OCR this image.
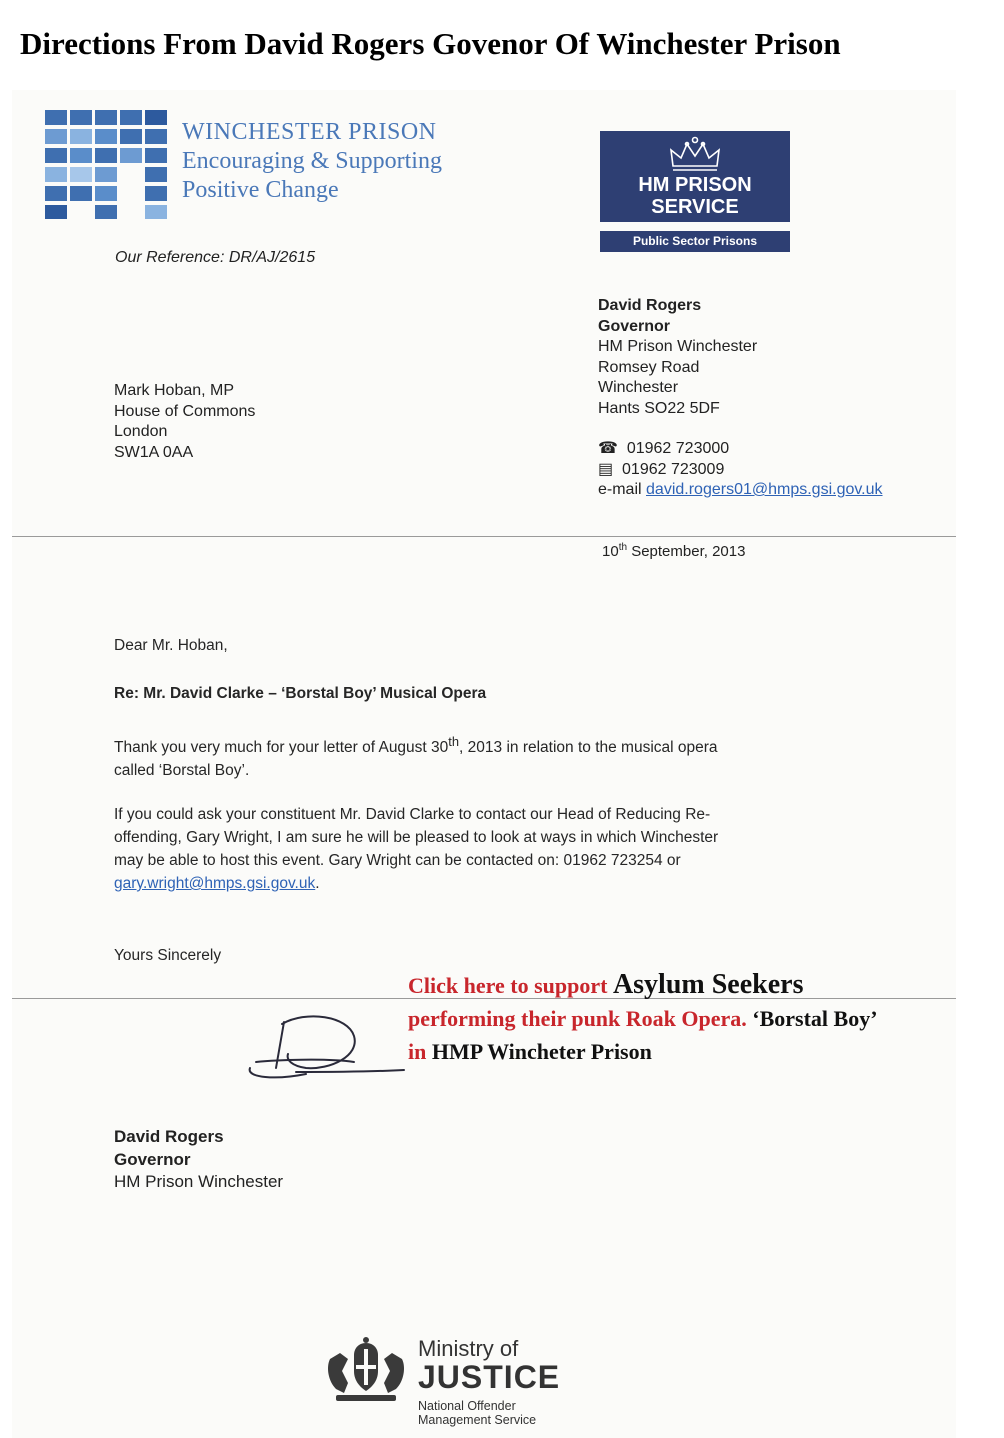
Directions From David Rogers Govenor Of Winchester Prison
WINCHESTER PRISON
Encouraging & Supporting
Positive Change	HM PRISON
SERVICE
Public Sector Prisons
Our Reference: DR/AJ/2615
David Rogers
Governor
HM Prison Winchester
Romsey Road
Winchester
Hants SO22 5DF
☎ 01962 723000
▤ 01962 723009
e-mail david.rogers01@hmps.gsi.gov.uk
Mark Hoban, MP
House of Commons
London
SW1A 0AA
10th September, 2013
Dear Mr. Hoban,
Re: Mr. David Clarke – ‘Borstal Boy’ Musical Opera
Thank you very much for your letter of August 30th, 2013 in relation to the musical opera
called ‘Borstal Boy’.
If you could ask your constituent Mr. David Clarke to contact our Head of Reducing Re-
offending, Gary Wright, I am sure he will be pleased to look at ways in which Winchester
may be able to host this event. Gary Wright can be contacted on: 01962 723254 or
gary.wright@hmps.gsi.gov.uk.
Yours Sincerely
Click here to support Asylum Seekers
performing their punk Roak Opera. ‘Borstal Boy’
in HMP Wincheter Prison
David Rogers
Governor
HM Prison Winchester
Ministry of
JUSTICE
National Offender
Management Service
